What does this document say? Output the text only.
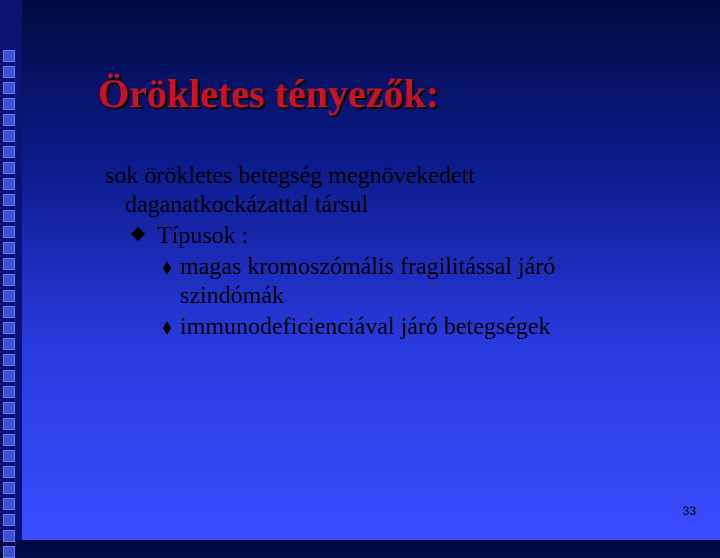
Örökletes tényezők:

sok örökletes betegség megnövekedett
daganatkockázattal társul

Típusok :
magas kromoszómális fragilitással járó
szindómák
immunodeficienciával járó betegségek
33
